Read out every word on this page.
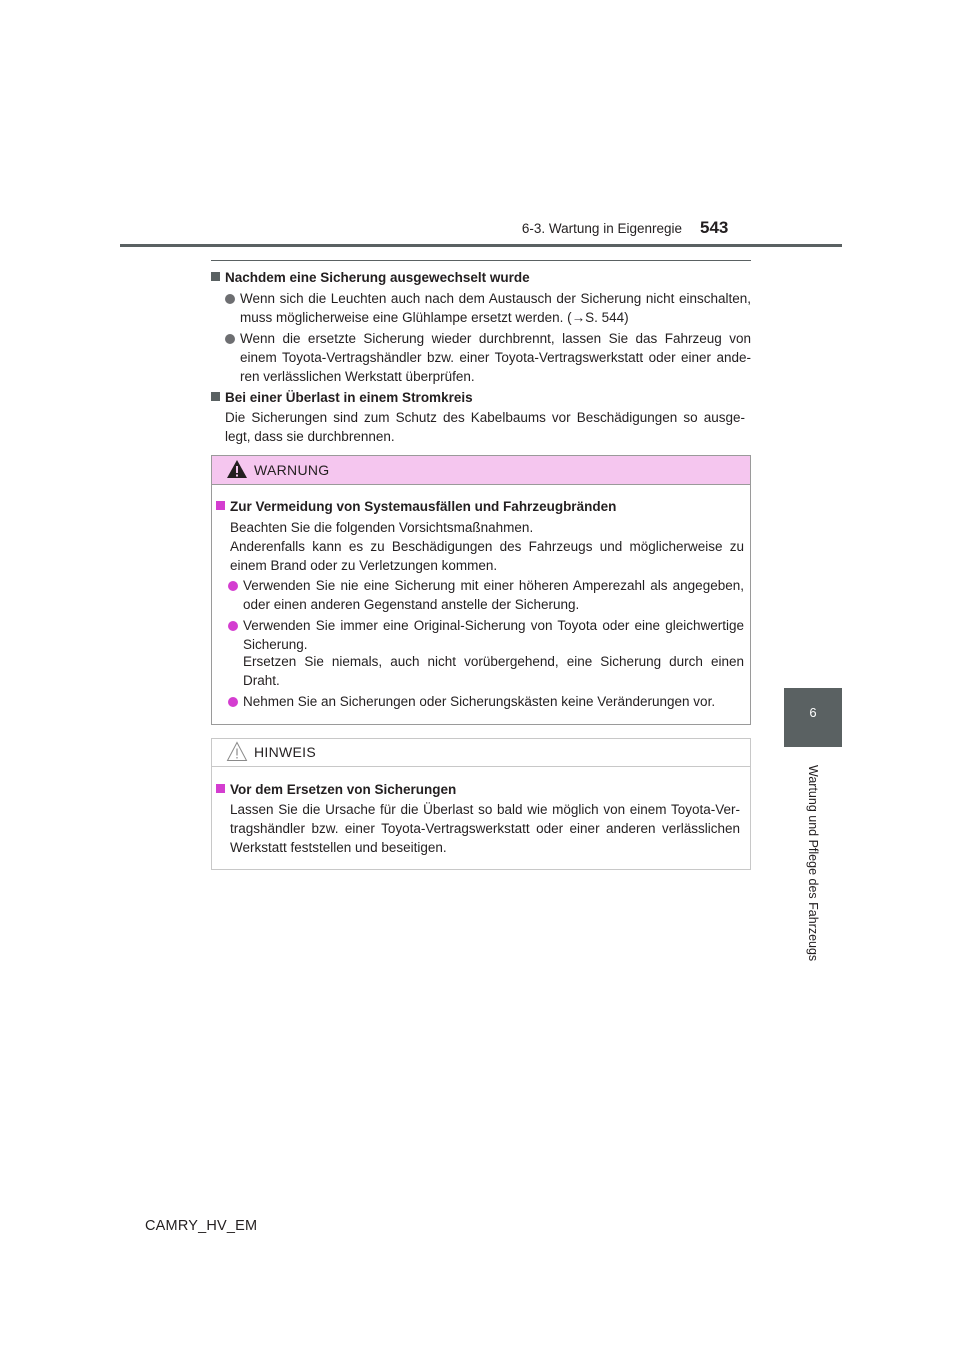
6-3. Wartung in Eigenregie 543
6
Wartung und Pflege des Fahrzeugs
Nachdem eine Sicherung ausgewechselt wurde
Wenn sich die Leuchten auch nach dem Austausch der Sicherung nicht einschalten, muss möglicherweise eine Glühlampe ersetzt werden. (→S. 544)
Wenn die ersetzte Sicherung wieder durchbrennt, lassen Sie das Fahrzeug von einem Toyota-Vertragshändler bzw. einer Toyota-Vertragswerkstatt oder einer ande- ren verlässlichen Werkstatt überprüfen.
Bei einer Überlast in einem Stromkreis
Die Sicherungen sind zum Schutz des Kabelbaums vor Beschädigungen so ausge- legt, dass sie durchbrennen.
WARNUNG
Zur Vermeidung von Systemausfällen und Fahrzeugbränden
Beachten Sie die folgenden Vorsichtsmaßnahmen.
Anderenfalls kann es zu Beschädigungen des Fahrzeugs und möglicherweise zu einem Brand oder zu Verletzungen kommen.
Verwenden Sie nie eine Sicherung mit einer höheren Amperezahl als angegeben, oder einen anderen Gegenstand anstelle der Sicherung.
Verwenden Sie immer eine Original-Sicherung von Toyota oder eine gleichwertige Sicherung.
Ersetzen Sie niemals, auch nicht vorübergehend, eine Sicherung durch einen Draht.
Nehmen Sie an Sicherungen oder Sicherungskästen keine Veränderungen vor.
HINWEIS
Vor dem Ersetzen von Sicherungen
Lassen Sie die Ursache für die Überlast so bald wie möglich von einem Toyota-Ver- tragshändler bzw. einer Toyota-Vertragswerkstatt oder einer anderen verlässlichen Werkstatt feststellen und beseitigen.
CAMRY_HV_EM
